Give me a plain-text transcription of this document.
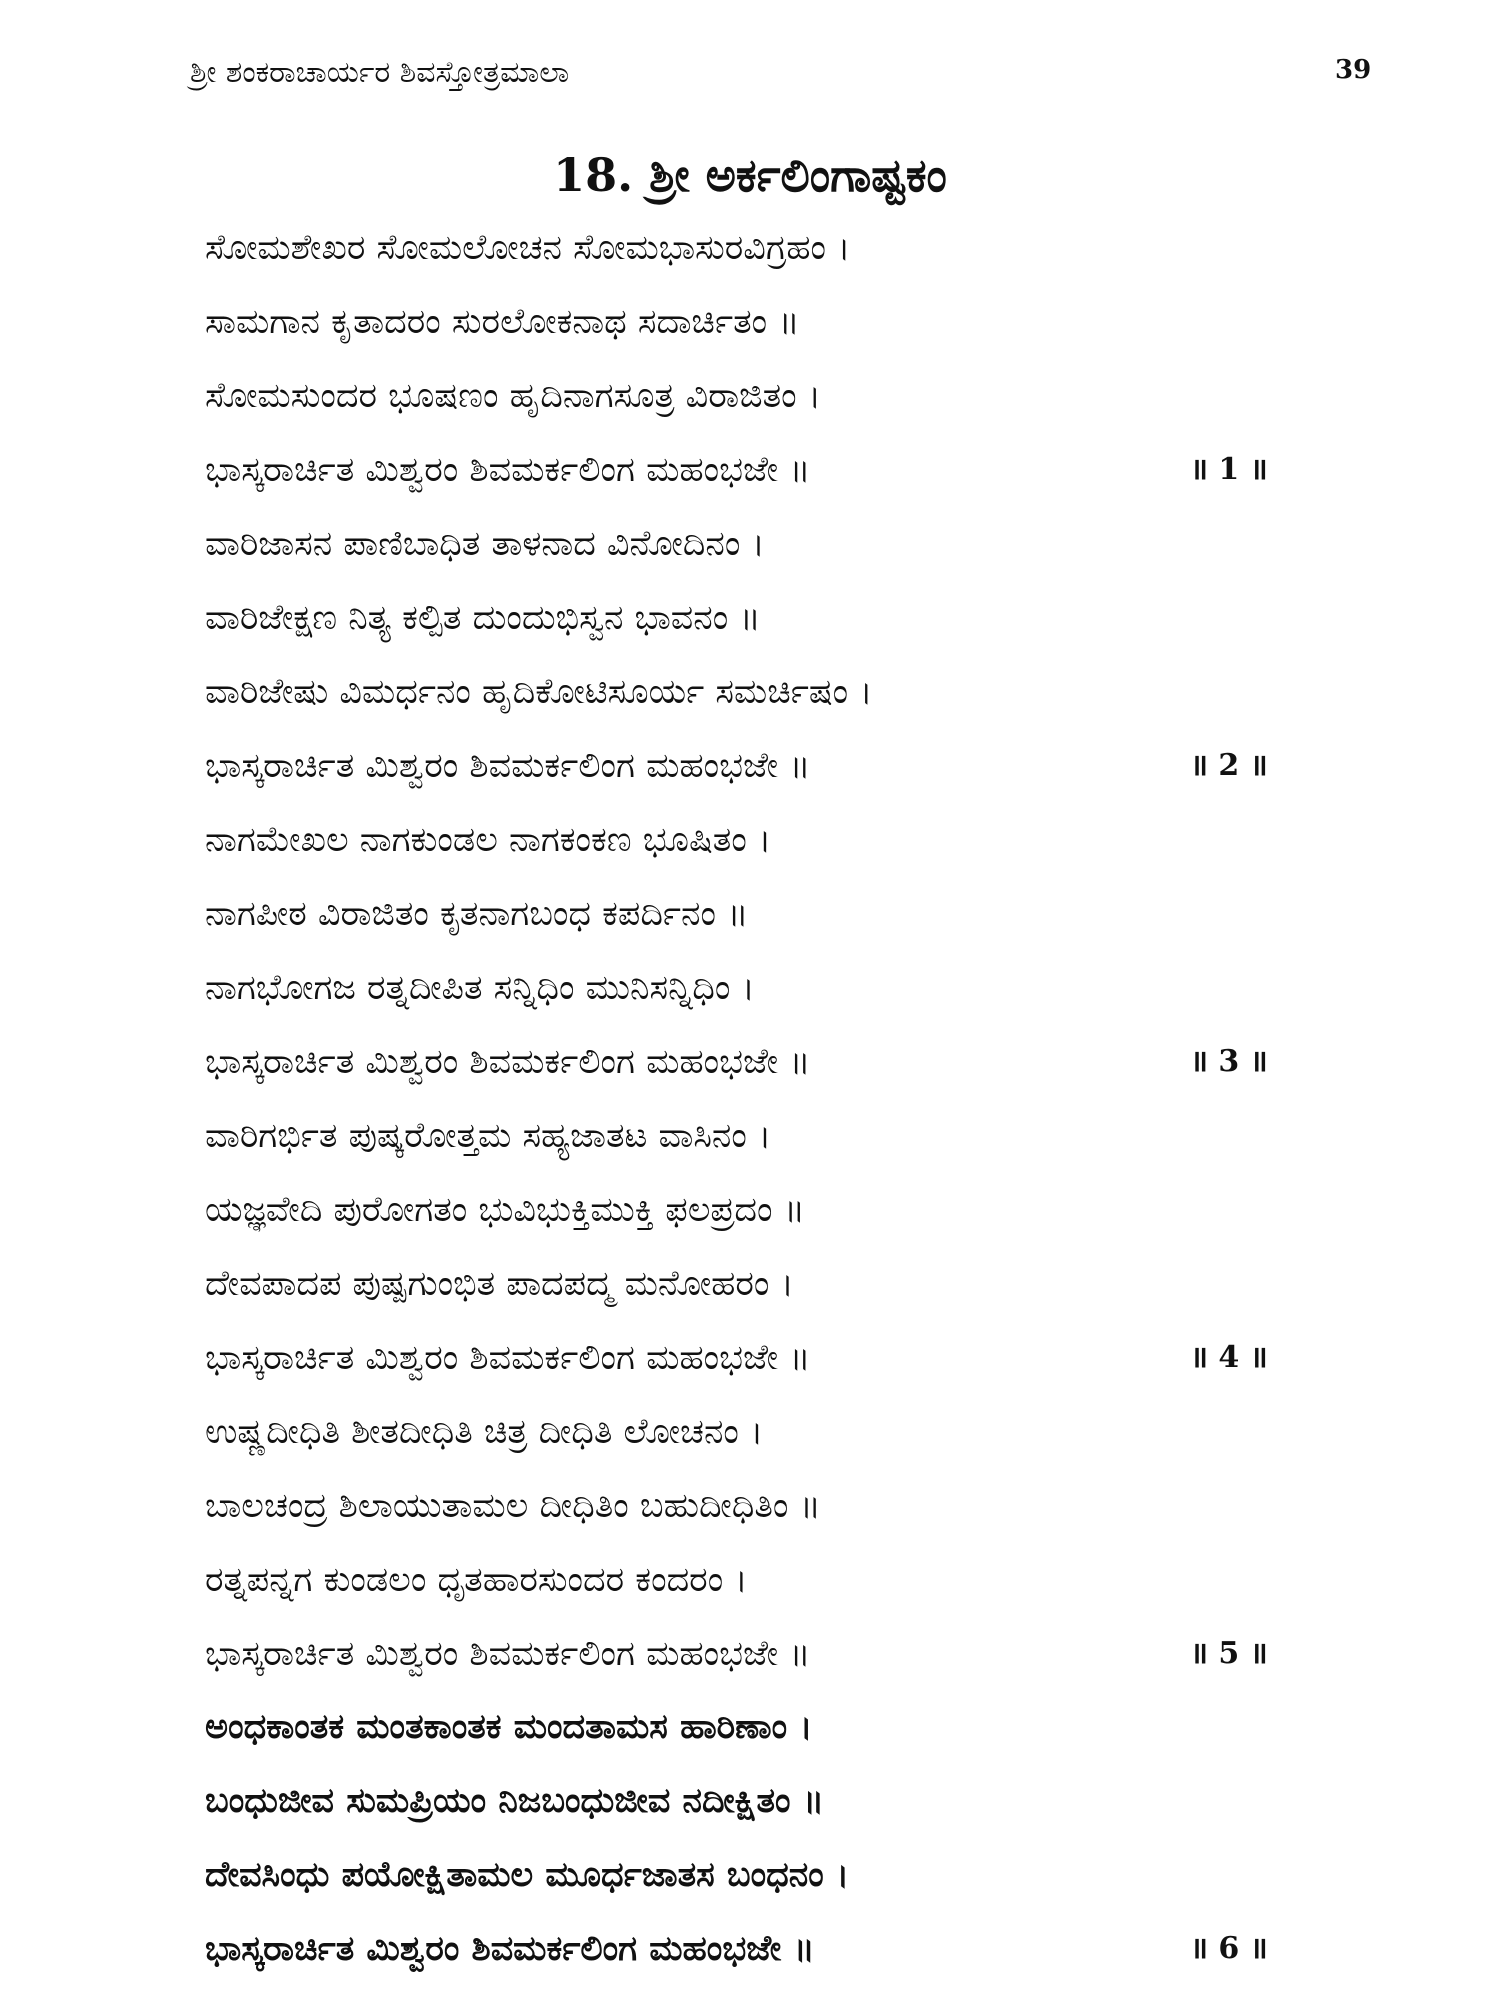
ಶ್ರೀ ಶಂಕರಾಚಾರ್ಯರ ಶಿವಸ್ತೋತ್ರಮಾಲಾ	39
18. ಶ್ರೀ ಅರ್ಕಲಿಂಗಾಷ್ಟಕಂ
ಸೋಮಶೇಖರ ಸೋಮಲೋಚನ ಸೋಮಭಾಸುರವಿಗ್ರಹಂ ।
ಸಾಮಗಾನ ಕೃತಾದರಂ ಸುರಲೋಕನಾಥ ಸದಾರ್ಚಿತಂ ॥
ಸೋಮಸುಂದರ ಭೂಷಣಂ ಹೃದಿನಾಗಸೂತ್ರ ವಿರಾಜಿತಂ ।
ಭಾಸ್ಕರಾರ್ಚಿತ ಮಿಶ್ವರಂ ಶಿವಮರ್ಕಲಿಂಗ ಮಹಂಭಜೇ ॥	॥ 1 ॥
ವಾರಿಜಾಸನ ಪಾಣಿಬಾಧಿತ ತಾಳನಾದ ವಿನೋದಿನಂ ।
ವಾರಿಜೇಕ್ಷಣ ನಿತ್ಯ ಕಲ್ಪಿತ ದುಂದುಭಿಸ್ವನ ಭಾವನಂ ॥
ವಾರಿಜೇಷು ವಿಮರ್ಧನಂ ಹೃದಿಕೋಟಿಸೂರ್ಯ ಸಮರ್ಚಿಷಂ ।
ಭಾಸ್ಕರಾರ್ಚಿತ ಮಿಶ್ವರಂ ಶಿವಮರ್ಕಲಿಂಗ ಮಹಂಭಜೇ ॥	॥ 2 ॥
ನಾಗಮೇಖಲ ನಾಗಕುಂಡಲ ನಾಗಕಂಕಣ ಭೂಷಿತಂ ।
ನಾಗಪೀಠ ವಿರಾಜಿತಂ ಕೃತನಾಗಬಂಧ ಕಪರ್ದಿನಂ ॥
ನಾಗಭೋಗಜ ರತ್ನದೀಪಿತ ಸನ್ನಿಧಿಂ ಮುನಿಸನ್ನಿಧಿಂ ।
ಭಾಸ್ಕರಾರ್ಚಿತ ಮಿಶ್ವರಂ ಶಿವಮರ್ಕಲಿಂಗ ಮಹಂಭಜೇ ॥	॥ 3 ॥
ವಾರಿಗರ್ಭಿತ ಪುಷ್ಕರೋತ್ತಮ ಸಹ್ಯಜಾತಟ ವಾಸಿನಂ ।
ಯಜ್ಞವೇದಿ ಪುರೋಗತಂ ಭುವಿಭುಕ್ತಿಮುಕ್ತಿ ಫಲಪ್ರದಂ ॥
ದೇವಪಾದಪ ಪುಷ್ಪಗುಂಭಿತ ಪಾದಪದ್ಮ ಮನೋಹರಂ ।
ಭಾಸ್ಕರಾರ್ಚಿತ ಮಿಶ್ವರಂ ಶಿವಮರ್ಕಲಿಂಗ ಮಹಂಭಜೇ ॥	॥ 4 ॥
ಉಷ್ಣದೀಧಿತಿ ಶೀತದೀಧಿತಿ ಚಿತ್ರ ದೀಧಿತಿ ಲೋಚನಂ ।
ಬಾಲಚಂದ್ರ ಶಿಲಾಯುತಾಮಲ ದೀಧಿತಿಂ ಬಹುದೀಧಿತಿಂ ॥
ರತ್ನಪನ್ನಗ ಕುಂಡಲಂ ಧೃತಹಾರಸುಂದರ ಕಂದರಂ ।
ಭಾಸ್ಕರಾರ್ಚಿತ ಮಿಶ್ವರಂ ಶಿವಮರ್ಕಲಿಂಗ ಮಹಂಭಜೇ ॥	॥ 5 ॥
ಅಂಧಕಾಂತಕ ಮಂತಕಾಂತಕ ಮಂದತಾಮಸ ಹಾರಿಣಾಂ ।
ಬಂಧುಜೀವ ಸುಮಪ್ರಿಯಂ ನಿಜಬಂಧುಜೀವ ನದೀಕ್ಷಿತಂ ॥
ದೇವಸಿಂಧು ಪಯೋಕ್ಷಿತಾಮಲ ಮೂರ್ಧಜಾತಸ ಬಂಧನಂ ।
ಭಾಸ್ಕರಾರ್ಚಿತ ಮಿಶ್ವರಂ ಶಿವಮರ್ಕಲಿಂಗ ಮಹಂಭಜೇ ॥	॥ 6 ॥
